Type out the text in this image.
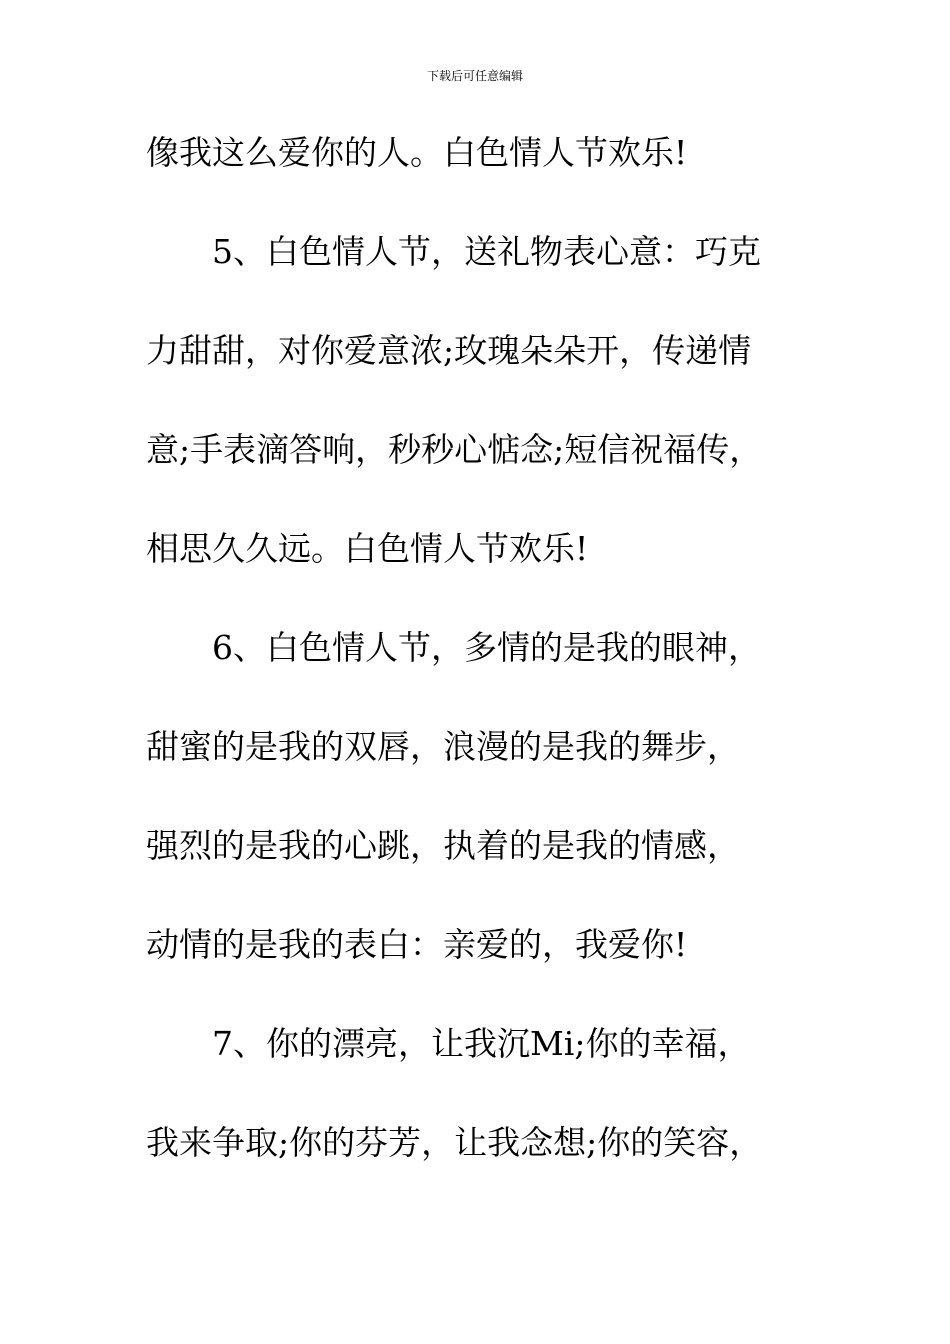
下载后可任意编辑
像我这么爱你的人。白色情人节欢乐!
5、白色情人节，送礼物表心意：巧克
力甜甜，对你爱意浓;玫瑰朵朵开，传递情
意;手表滴答响，秒秒心惦念;短信祝福传，
相思久久远。白色情人节欢乐!
6、白色情人节，多情的是我的眼神，
甜蜜的是我的双唇，浪漫的是我的舞步，
强烈的是我的心跳，执着的是我的情感，
动情的是我的表白：亲爱的，我爱你!
7、你的漂亮，让我沉Mi;你的幸福，
我来争取;你的芬芳，让我念想;你的笑容，
